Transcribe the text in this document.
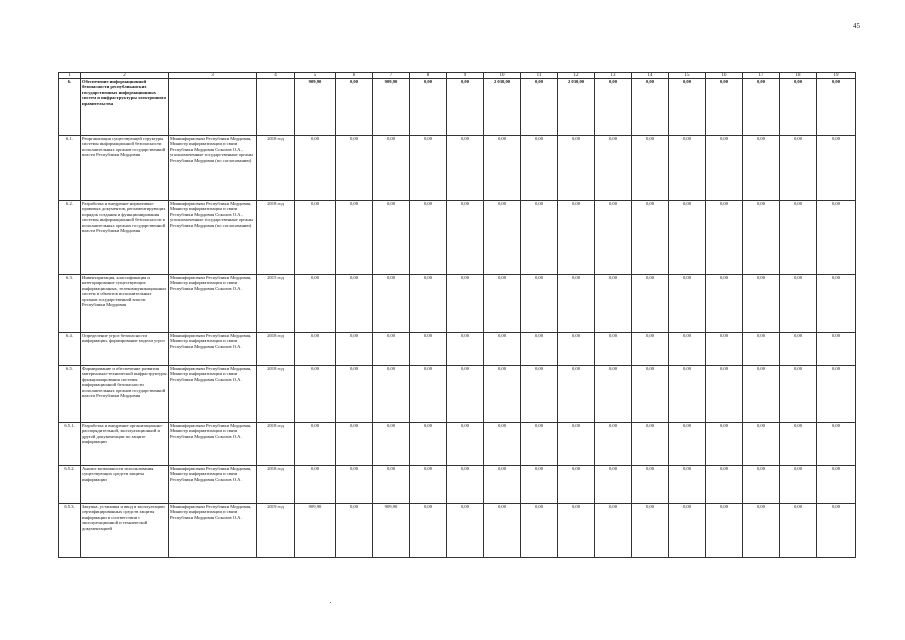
45
1	2	3	4	5	6	7	8	9	10	11	12	13	14	15	16	17	18	19
6.	Обеспечение информационной безопасности республиканских государственных информационных систем и инфраструктуры электронного правительства			909,90	0,00	909,90	0,00	0,00	2 030,00	0,00	2 030,00	0,00	0,00	0,00	0,00	0,00	0,00	0,00
6.1.	Реорганизация существующей структуры системы информационной безопасности исполнительных органов государственной власти Республики Мордовия	Мининформсвязи Республики Мордовия, Министр информатизации и связи Республики Мордовия Соколов О.А., уполномоченные государственные органы Республики Мордовия (по согласованию)	2018 год	0,00	0,00	0,00	0,00	0,00	0,00	0,00	0,00	0,00	0,00	0,00	0,00	0,00	0,00	0,00
6.2.	Разработка и внедрение нормативно-правовых документов, регламентирующих порядок создания и функционирования системы информационной безопасности в исполнительных органах государственной власти Республики Мордовия	Мининформсвязи Республики Мордовия, Министр информатизации и связи Республики Мордовия Соколов О.А., уполномоченные государственные органы Республики Мордовия (по согласованию)	2018 год	0,00	0,00	0,00	0,00	0,00	0,00	0,00	0,00	0,00	0,00	0,00	0,00	0,00	0,00	0,00
6.3.	Инвентаризация, классификация и категорирование существующих информационных, телекоммуникационных систем и объектов исполнительных органов государственной власти Республики Мордовия	Мининформсвязи Республики Мордовия, Министр информатизации и связи Республики Мордовия Соколов О.А.	2015 год	0,00	0,00	0,00	0,00	0,00	0,00	0,00	0,00	0,00	0,00	0,00	0,00	0,00	0,00	0,00
6.4.	Определение угроз безопасности информации, формирование модели угроз	Мининформсвязи Республики Мордовия, Министр информатизации и связи Республики Мордовия Соколов О.А.	2018 год	0,00	0,00	0,00	0,00	0,00	0,00	0,00	0,00	0,00	0,00	0,00	0,00	0,00	0,00	0,00
6.5.	Формирование и обеспечение развития материально-технической инфраструктуры функционирования системы информационной безопасности исполнительных органов государственной власти Республики Мордовия	Мининформсвязи Республики Мордовия, Министр информатизации и связи Республики Мордовия Соколов О.А.	2018 год	0,00	0,00	0,00	0,00	0,00	0,00	0,00	0,00	0,00	0,00	0,00	0,00	0,00	0,00	0,00
6.5.1.	Разработка и внедрение организационно-распорядительной, эксплуатационной и другой документации по защите информации	Мининформсвязи Республики Мордовия, Министр информатизации и связи Республики Мордовия Соколов О.А.	2018 год	0,00	0,00	0,00	0,00	0,00	0,00	0,00	0,00	0,00	0,00	0,00	0,00	0,00	0,00	0,00
6.5.2.	Анализ возможности использования существующих средств защиты информации	Мининформсвязи Республики Мордовия, Министр информатизации и связи Республики Мордовия Соколов О.А.	2018 год	0,00	0,00	0,00	0,00	0,00	0,00	0,00	0,00	0,00	0,00	0,00	0,00	0,00	0,00	0,00
6.5.3.	Закупка, установка и ввод в эксплуатацию сертифицированных средств защиты информации в соответствии с эксплуатационной и технической документацией	Мининформсвязи Республики Мордовия, Министр информатизации и связи Республики Мордовия Соколов О.А.	2019 год	909,90	0,00	909,90	0,00	0,00	0,00	0,00	0,00	0,00	0,00	0,00	0,00	0,00	0,00	0,00
